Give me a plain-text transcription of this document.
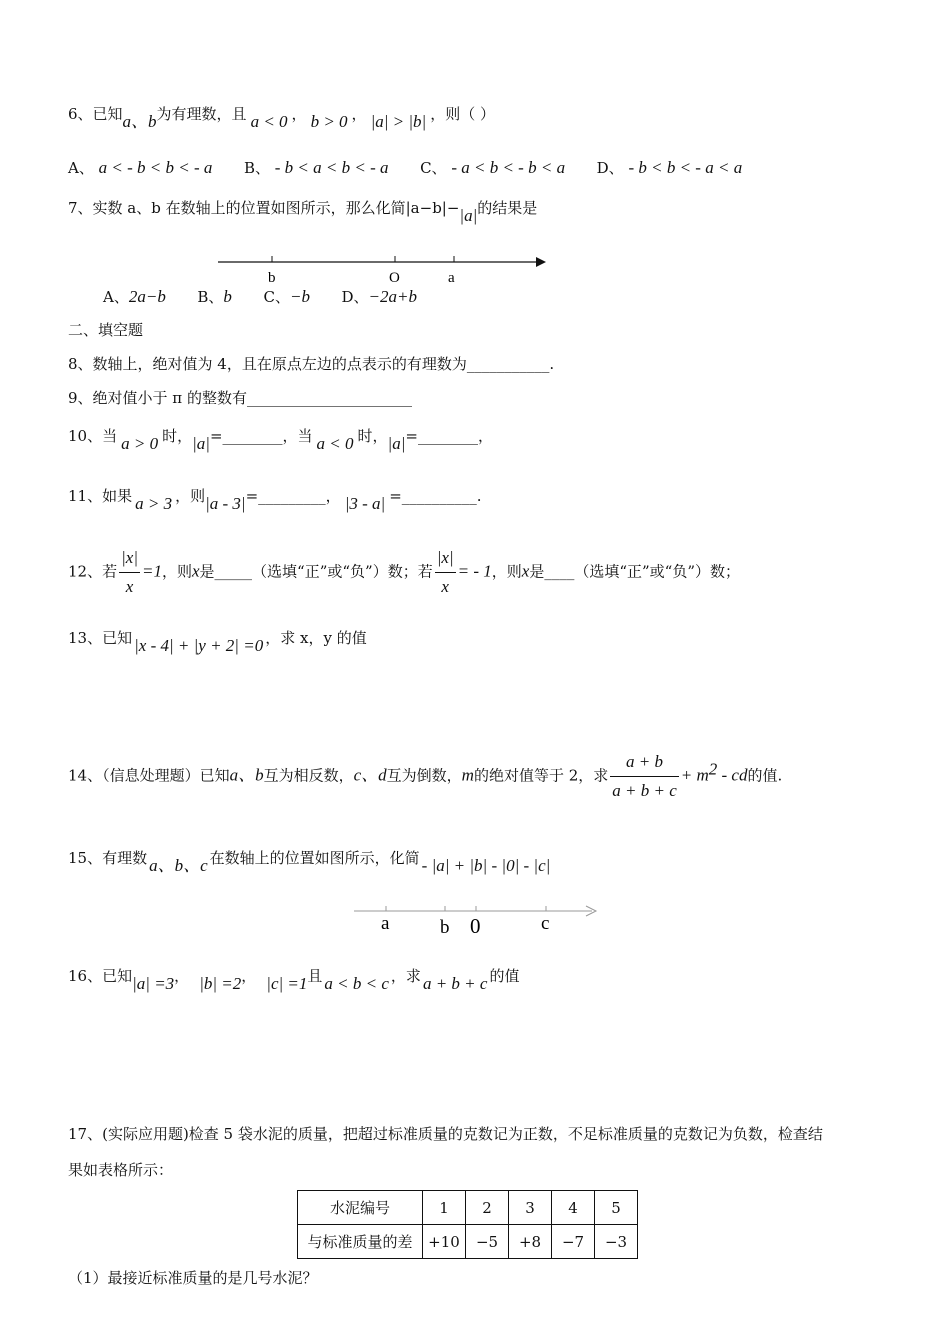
6、已知a、b为有理数，且 a < 0 ， b > 0 ， |a| > |b| ，则（ ）
A、 a < - b < b < - a B、 - b < a < b < - a C、 - a < b < - b < a D、 - b < b < - a < a
7、实数 a、b 在数轴上的位置如图所示，那么化简|a−b|−|a|的结果是
b	O	a
A、2a−b B、b C、−b D、−2a+b
二、填空题
8、数轴上，绝对值为 4，且在原点左边的点表示的有理数为___________.
9、绝对值小于 π 的整数有______________________
10、当 a > 0 时，|a|=________，当 a < 0 时，|a|=________，
11、如果 a > 3 ，则|a - 3|=_________， |3 - a| =__________.
12、若 $\frac{|x|}{x} =1$，则x是_____（选填“正”或“负”）数；若 $\frac{|x|}{x}$ = - 1，则x是____（选填“正”或“负”）数；
13、已知 |x - 4| + |y + 2| =0 ，求 x，y 的值
14、（信息处理题）已知a、b互为相反数，c、d互为倒数，m的绝对值等于 2，求 $\frac{a + b}{a + b + c} + m^2$ - cd的值.
15、有理数 a、b、c 在数轴上的位置如图所示，化简 - |a| + |b| - |0| - |c|
a	b 0	c
16、已知|a| =3， |b| =2， |c| =1且 a < b < c ，求 a + b + c 的值
17、(实际应用题)检查 5 袋水泥的质量，把超过标准质量的克数记为正数，不足标准质量的克数记为负数，检查结
果如表格所示：
水泥编号	1	2	3	4	5
与标准质量的差	+10	−5	+8	−7	−3
（1）最接近标准质量的是几号水泥？
